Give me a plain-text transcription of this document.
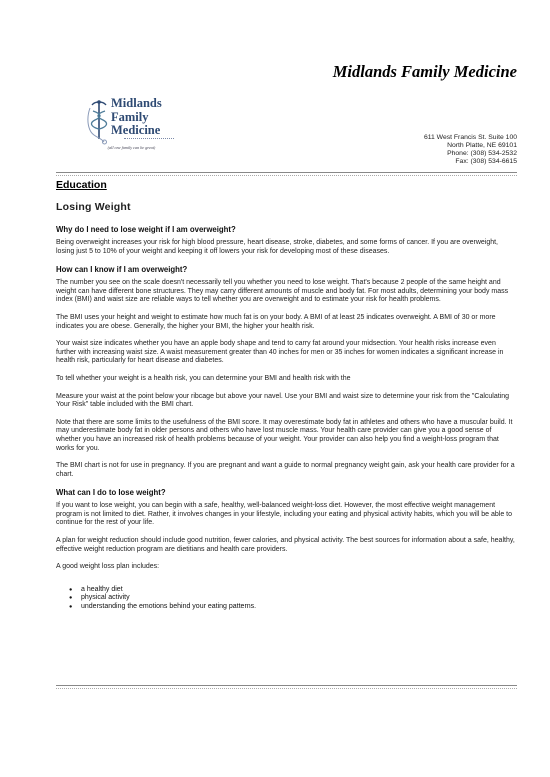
Midlands Family Medicine
Midlands
Family
Medicine
(all one family can be great)
611 West Francis St. Suite 100
North Platte, NE 69101
Phone: (308) 534-2532
Fax: (308) 534-6615
Education
Losing Weight
Why do I need to lose weight if I am overweight?

Being overweight increases your risk for high blood pressure, heart disease, stroke, diabetes, and some forms of cancer. If you are overweight, losing just 5 to 10% of your weight and keeping it off lowers your risk for developing most of these diseases.

How can I know if I am overweight?

The number you see on the scale doesn't necessarily tell you whether you need to lose weight. That's because 2 people of the same height and weight can have different bone structures. They may carry different amounts of muscle and body fat. For most adults, determining your body mass index (BMI) and waist size are reliable ways to tell whether you are overweight and to estimate your risk for health problems.

The BMI uses your height and weight to estimate how much fat is on your body. A BMI of at least 25 indicates overweight. A BMI of 30 or more indicates you are obese. Generally, the higher your BMI, the higher your health risk.

Your waist size indicates whether you have an apple body shape and tend to carry fat around your midsection. Your health risks increase even further with increasing waist size. A waist measurement greater than 40 inches for men or 35 inches for women indicates a significant increase in health risk, particularly for heart disease and diabetes.

To tell whether your weight is a health risk, you can determine your BMI and health risk with the

Measure your waist at the point below your ribcage but above your navel. Use your BMI and waist size to determine your risk from the "Calculating Your Risk" table included with the BMI chart.

Note that there are some limits to the usefulness of the BMI score. It may overestimate body fat in athletes and others who have a muscular build. It may underestimate body fat in older persons and others who have lost muscle mass. Your health care provider can give you a good sense of whether you have an increased risk of health problems because of your weight. Your provider can also help you find a weight-loss program that works for you.

The BMI chart is not for use in pregnancy. If you are pregnant and want a guide to normal pregnancy weight gain, ask your health care provider for a chart.

What can I do to lose weight?

If you want to lose weight, you can begin with a safe, healthy, well-balanced weight-loss diet. However, the most effective weight management program is not limited to diet. Rather, it involves changes in your lifestyle, including your eating and physical activity habits, which you will be able to continue for the rest of your life.

A plan for weight reduction should include good nutrition, fewer calories, and physical activity. The best sources for information about a safe, healthy, effective weight reduction program are dietitians and health care providers.

A good weight loss plan includes:

● a healthy diet
● physical activity
● understanding the emotions behind your eating patterns.
